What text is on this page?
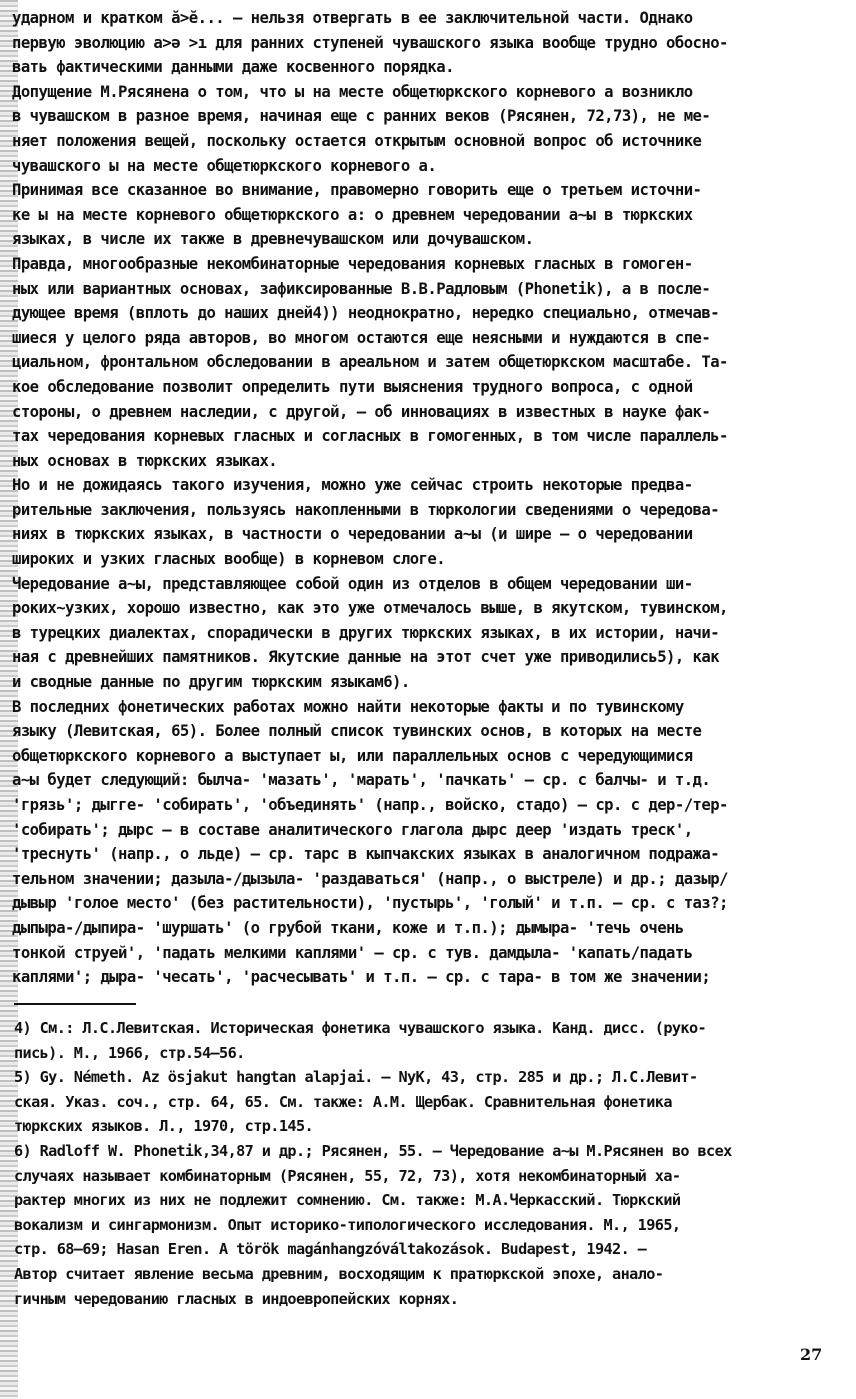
ударном и кратком ӑ>ӗ... – нельзя отвергать в ее заключительной части. Однако
первую эволюцию а>ə >ı для ранних ступеней чувашского языка вообще трудно обосно-
вать фактическими данными даже косвенного порядка.
Допущение М.Рясянена о том, что ы на месте общетюркского корневого а возникло
в чувашском в разное время, начиная еще с ранних веков (Рясянен, 72,73), не ме-
няет положения вещей, поскольку остается открытым основной вопрос об источнике
чувашского ы на месте общетюркского корневого а.
Принимая все сказанное во внимание, правомерно говорить еще о третьем источни-
ке ы на месте корневого общетюркского а: о древнем чередовании а~ы в тюркских
языках, в числе их также в древнечувашском или дочувашском.
Правда, многообразные некомбинаторные чередования корневых гласных в гомоген-
ных или вариантных основах, зафиксированные В.В.Радловым (Phonetik), а в после-
дующее время (вплоть до наших дней4)) неоднократно, нередко специально, отмечав-
шиеся у целого ряда авторов, во многом остаются еще неясными и нуждаются в спе-
циальном, фронтальном обследовании в ареальном и затем общетюркском масштабе. Та-
кое обследование позволит определить пути выяснения трудного вопроса, с одной
стороны, о древнем наследии, с другой, – об инновациях в известных в науке фак-
тах чередования корневых гласных и согласных в гомогенных, в том числе параллель-
ных основах в тюркских языках.
Но и не дожидаясь такого изучения, можно уже сейчас строить некоторые предва-
рительные заключения, пользуясь накопленными в тюркологии сведениями о чередова-
ниях в тюркских языках, в частности о чередовании а~ы (и шире – о чередовании
широких и узких гласных вообще) в корневом слоге.
Чередование а~ы, представляющее собой один из отделов в общем чередовании ши-
роких~узких, хорошо известно, как это уже отмечалось выше, в якутском, тувинском,
в турецких диалектах, спорадически в других тюркских языках, в их истории, начи-
ная с древнейших памятников. Якутские данные на этот счет уже приводились5), как
и сводные данные по другим тюркским языкам6).
В последних фонетических работах можно найти некоторые факты и по тувинскому
языку (Левитская, 65). Более полный список тувинских основ, в которых на месте
общетюркского корневого а выступает ы, или параллельных основ с чередующимися
а~ы будет следующий: былча- 'мазать', 'марать', 'пачкать' – ср. с балчы- и т.д.
'грязь'; дыгге- 'собирать', 'объединять' (напр., войско, стадо) – ср. с дер-/тер-
'собирать'; дырс – в составе аналитического глагола дырс деер 'издать треск',
'треснуть' (напр., о льде) – ср. тарс в кыпчакских языках в аналогичном подража-
тельном значении; дазыла-/дызыла- 'раздаваться' (напр., о выстреле) и др.; дазыр/
дывыр 'голое место' (без растительности), 'пустырь', 'голый' и т.п. – ср. с таз?;
дыпыра-/дыпира- 'шуршать' (о грубой ткани, коже и т.п.); дымыра- 'течь очень
тонкой струей', 'падать мелкими каплями' – ср. с тув. дамдыла- 'капать/падать
каплями'; дыра- 'чесать', 'расчесывать' и т.п. – ср. с тара- в том же значении;
4) См.: Л.С.Левитская. Историческая фонетика чувашского языка. Канд. дисс. (руко-
пись). М., 1966, стр.54–56.
5) Gy. Németh. Az ösjakut hangtan alapjai. – NyK, 43, стр. 285 и др.; Л.С.Левит-
ская. Указ. соч., стр. 64, 65. См. также: А.М. Щербак. Сравнительная фонетика
тюркских языков. Л., 1970, стр.145.
6) Radloff W. Phonetik,34,87 и др.; Рясянен, 55. – Чередование а~ы М.Рясянен во всех
случаях называет комбинаторным (Рясянен, 55, 72, 73), хотя некомбинаторный ха-
рактер многих из них не подлежит сомнению. См. также: М.А.Черкасский. Тюркский
вокализм и сингармонизм. Опыт историко-типологического исследования. М., 1965,
стр. 68–69; Hasan Eren. A török magánhangzóváltakozások. Budapest, 1942. –
Автор считает явление весьма древним, восходящим к пратюркской эпохе, анало-
гичным чередованию гласных в индоевропейских корнях.
27
